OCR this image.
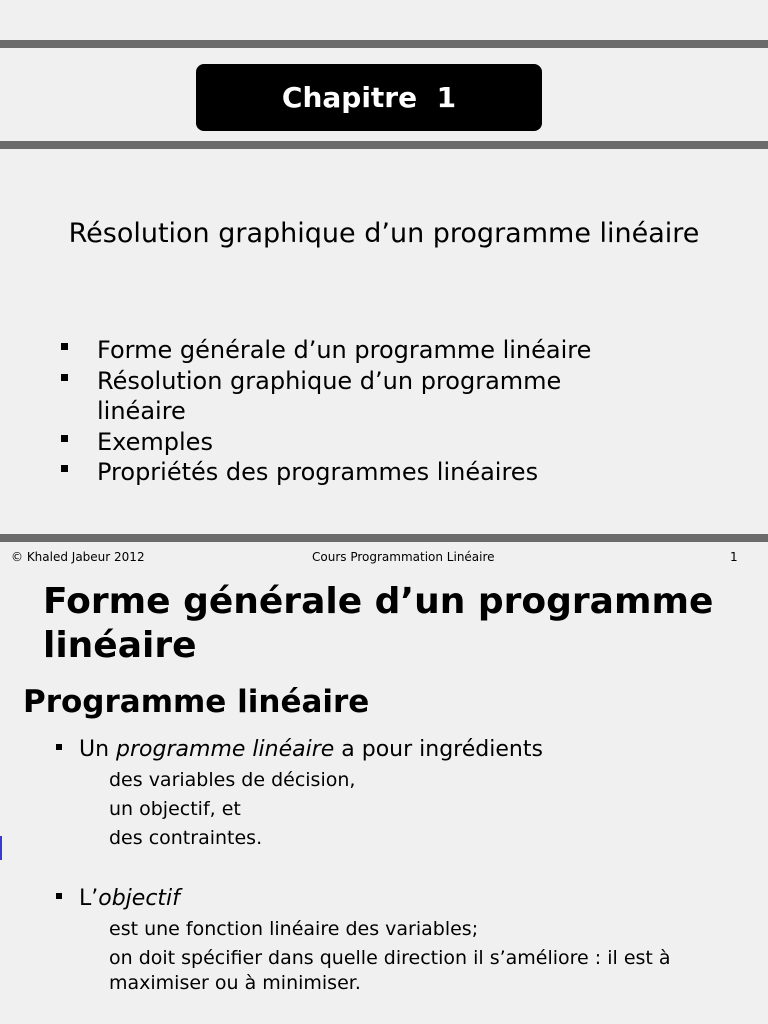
Chapitre  1
Résolution graphique d’un programme linéaire
Forme générale d’un programme linéaire
Résolution graphique d’un programme linéaire
Exemples
Propriétés des programmes linéaires
© Khaled Jabeur 2012	Cours Programmation Linéaire	1
Forme générale d’un programme linéaire
Programme linéaire
Un programme linéaire a pour ingrédients
des variables de décision,
un objectif, et
des contraintes.
L’objectif
est une fonction linéaire des variables;
on doit spécifier dans quelle direction il s’améliore : il est à maximiser ou à minimiser.
